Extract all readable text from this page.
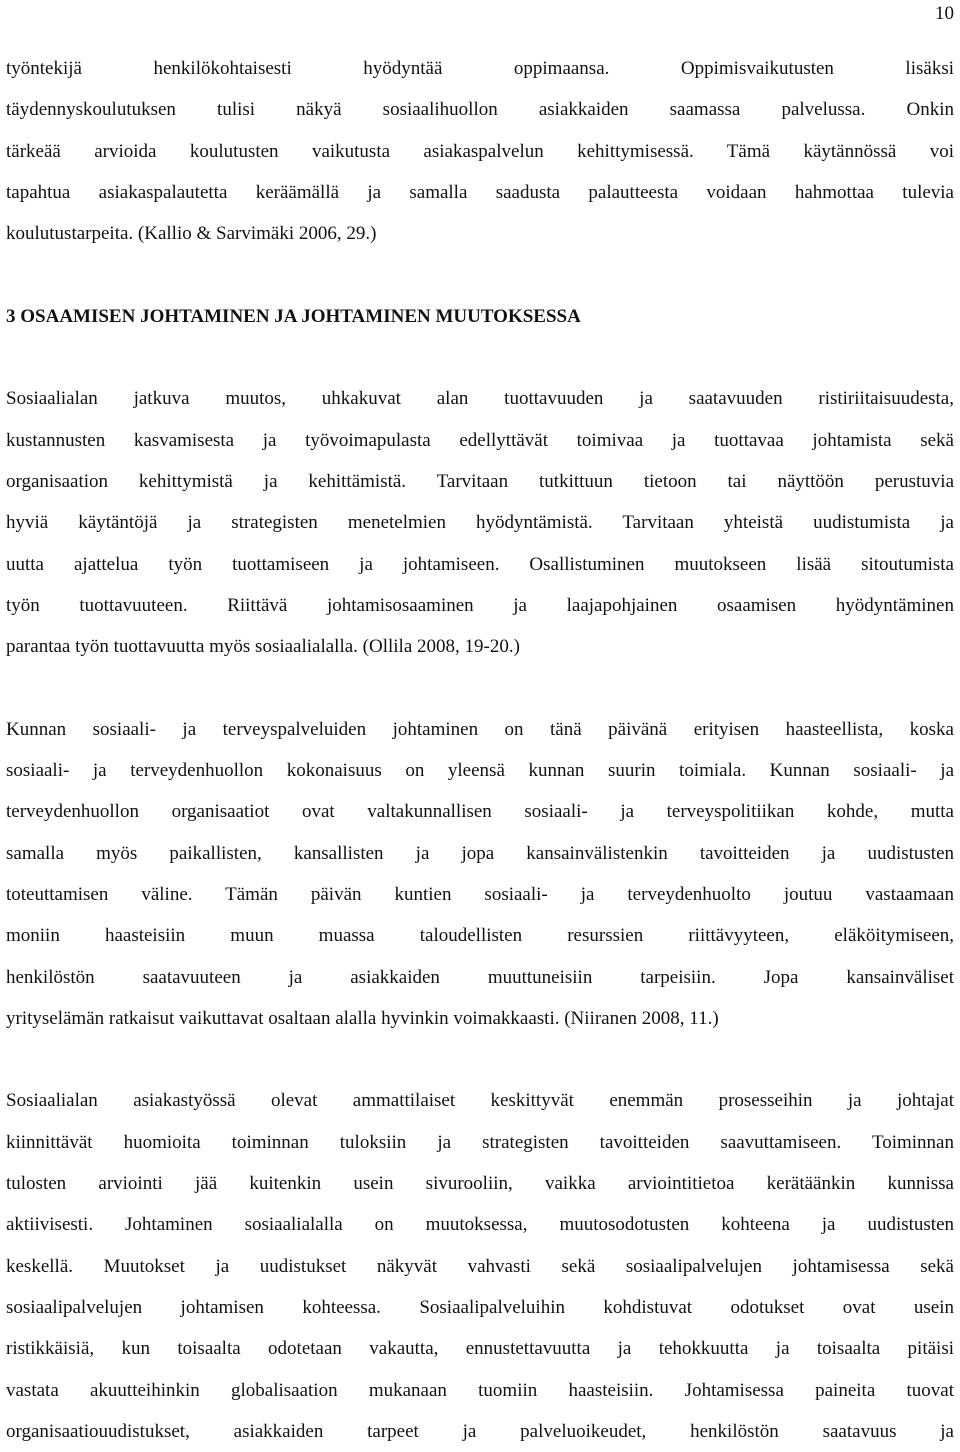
10

työntekijä henkilökohtaisesti hyödyntää oppimaansa. Oppimisvaikutusten lisäksi
täydennyskoulutuksen tulisi näkyä sosiaalihuollon asiakkaiden saamassa palvelussa. Onkin
tärkeää arvioida koulutusten vaikutusta asiakaspalvelun kehittymisessä. Tämä käytännössä voi
tapahtua asiakaspalautetta keräämällä ja samalla saadusta palautteesta voidaan hahmottaa tulevia
koulutustarpeita. (Kallio & Sarvimäki 2006, 29.)

3 OSAAMISEN JOHTAMINEN JA JOHTAMINEN MUUTOKSESSA

Sosiaalialan jatkuva muutos, uhkakuvat alan tuottavuuden ja saatavuuden ristiriitaisuudesta,
kustannusten kasvamisesta ja työvoimapulasta edellyttävät toimivaa ja tuottavaa johtamista sekä
organisaation kehittymistä ja kehittämistä. Tarvitaan tutkittuun tietoon tai näyttöön perustuvia
hyviä käytäntöjä ja strategisten menetelmien hyödyntämistä. Tarvitaan yhteistä uudistumista ja
uutta ajattelua työn tuottamiseen ja johtamiseen. Osallistuminen muutokseen lisää sitoutumista
työn tuottavuuteen. Riittävä johtamisosaaminen ja laajapohjainen osaamisen hyödyntäminen
parantaa työn tuottavuutta myös sosiaalialalla. (Ollila 2008, 19-20.)

Kunnan sosiaali- ja terveyspalveluiden johtaminen on tänä päivänä erityisen haasteellista, koska
sosiaali- ja terveydenhuollon kokonaisuus on yleensä kunnan suurin toimiala. Kunnan sosiaali- ja
terveydenhuollon organisaatiot ovat valtakunnallisen sosiaali- ja terveyspolitiikan kohde, mutta
samalla myös paikallisten, kansallisten ja jopa kansainvälistenkin tavoitteiden ja uudistusten
toteuttamisen väline. Tämän päivän kuntien sosiaali- ja terveydenhuolto joutuu vastaamaan
moniin haasteisiin muun muassa taloudellisten resurssien riittävyyteen, eläköitymiseen,
henkilöstön saatavuuteen ja asiakkaiden muuttuneisiin tarpeisiin. Jopa kansainväliset
yrityselämän ratkaisut vaikuttavat osaltaan alalla hyvinkin voimakkaasti. (Niiranen 2008, 11.)

Sosiaalialan asiakastyössä olevat ammattilaiset keskittyvät enemmän prosesseihin ja johtajat
kiinnittävät huomioita toiminnan tuloksiin ja strategisten tavoitteiden saavuttamiseen. Toiminnan
tulosten arviointi jää kuitenkin usein sivurooliin, vaikka arviointitietoa kerätäänkin kunnissa
aktiivisesti. Johtaminen sosiaalialalla on muutoksessa, muutosodotusten kohteena ja uudistusten
keskellä. Muutokset ja uudistukset näkyvät vahvasti sekä sosiaalipalvelujen johtamisessa sekä
sosiaalipalvelujen johtamisen kohteessa. Sosiaalipalveluihin kohdistuvat odotukset ovat usein
ristikkäisiä, kun toisaalta odotetaan vakautta, ennustettavuutta ja tehokkuutta ja toisaalta pitäisi
vastata akuutteihinkin globalisaation mukanaan tuomiin haasteisiin. Johtamisessa paineita tuovat
organisaatiouudistukset, asiakkaiden tarpeet ja palveluoikeudet, henkilöstön saatavuus ja
